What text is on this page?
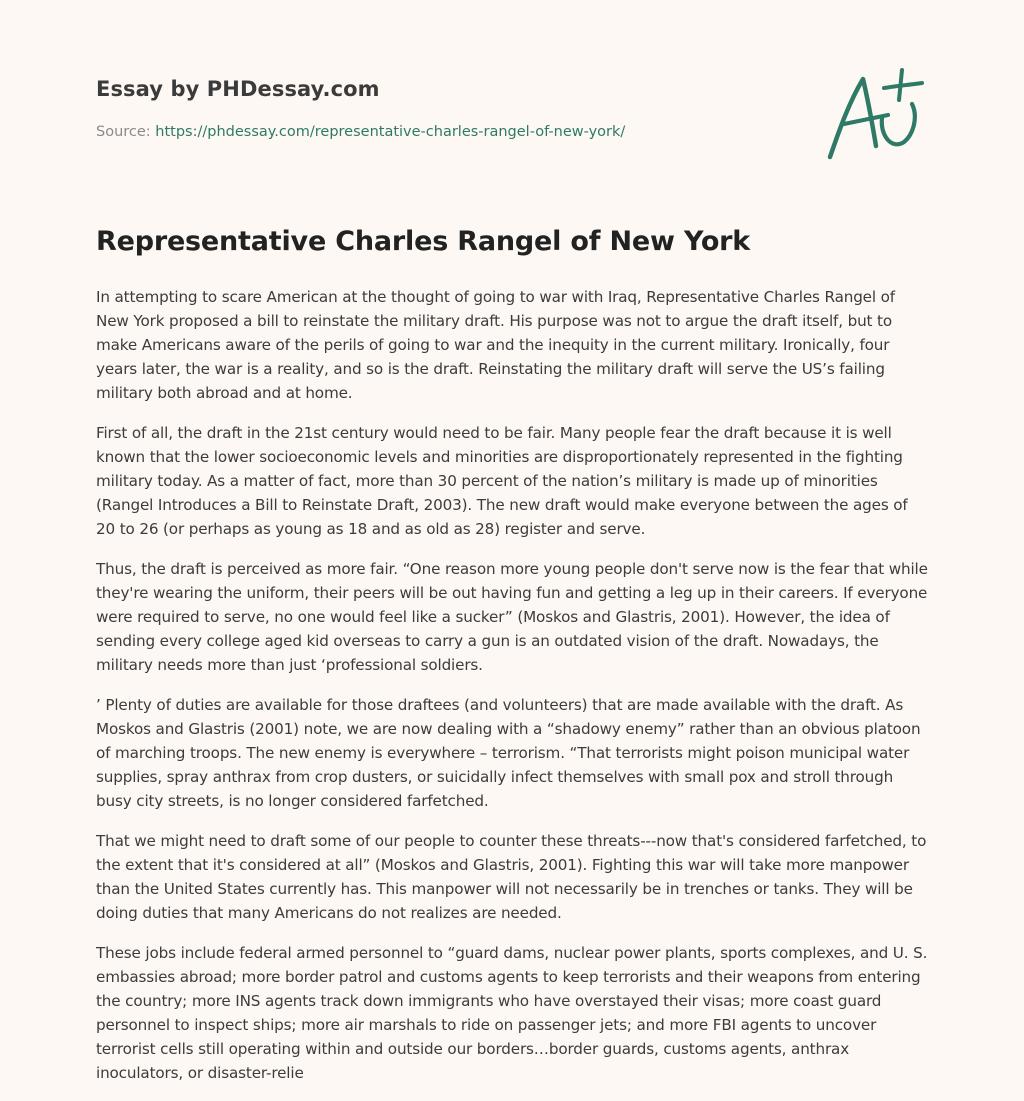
Essay by PHDessay.com
Source: https://phdessay.com/representative-charles-rangel-of-new-york/
Representative Charles Rangel of New York

In attempting to scare American at the thought of going to war with Iraq, Representative Charles Rangel of New York proposed a bill to reinstate the military draft. His purpose was not to argue the draft itself, but to make Americans aware of the perils of going to war and the inequity in the current military. Ironically, four years later, the war is a reality, and so is the draft. Reinstating the military draft will serve the US’s failing military both abroad and at home.

First of all, the draft in the 21st century would need to be fair. Many people fear the draft because it is well known that the lower socioeconomic levels and minorities are disproportionately represented in the fighting military today. As a matter of fact, more than 30 percent of the nation’s military is made up of minorities (Rangel Introduces a Bill to Reinstate Draft, 2003). The new draft would make everyone between the ages of 20 to 26 (or perhaps as young as 18 and as old as 28) register and serve.

Thus, the draft is perceived as more fair. “One reason more young people don't serve now is the fear that while they're wearing the uniform, their peers will be out having fun and getting a leg up in their careers. If everyone were required to serve, no one would feel like a sucker” (Moskos and Glastris, 2001). However, the idea of sending every college aged kid overseas to carry a gun is an outdated vision of the draft. Nowadays, the military needs more than just ‘professional soldiers.

’ Plenty of duties are available for those draftees (and volunteers) that are made available with the draft. As Moskos and Glastris (2001) note, we are now dealing with a “shadowy enemy” rather than an obvious platoon of marching troops. The new enemy is everywhere – terrorism. “That terrorists might poison municipal water supplies, spray anthrax from crop dusters, or suicidally infect themselves with small pox and stroll through busy city streets, is no longer considered farfetched.

That we might need to draft some of our people to counter these threats---now that's considered farfetched, to the extent that it's considered at all” (Moskos and Glastris, 2001). Fighting this war will take more manpower than the United States currently has. This manpower will not necessarily be in trenches or tanks. They will be doing duties that many Americans do not realizes are needed.

These jobs include federal armed personnel to “guard dams, nuclear power plants, sports complexes, and U. S. embassies abroad; more border patrol and customs agents to keep terrorists and their weapons from entering the country; more INS agents track down immigrants who have overstayed their visas; more coast guard personnel to inspect ships; more air marshals to ride on passenger jets; and more FBI agents to uncover terrorist cells still operating within and outside our borders…border guards, customs agents, anthrax inoculators, or disaster-relie
